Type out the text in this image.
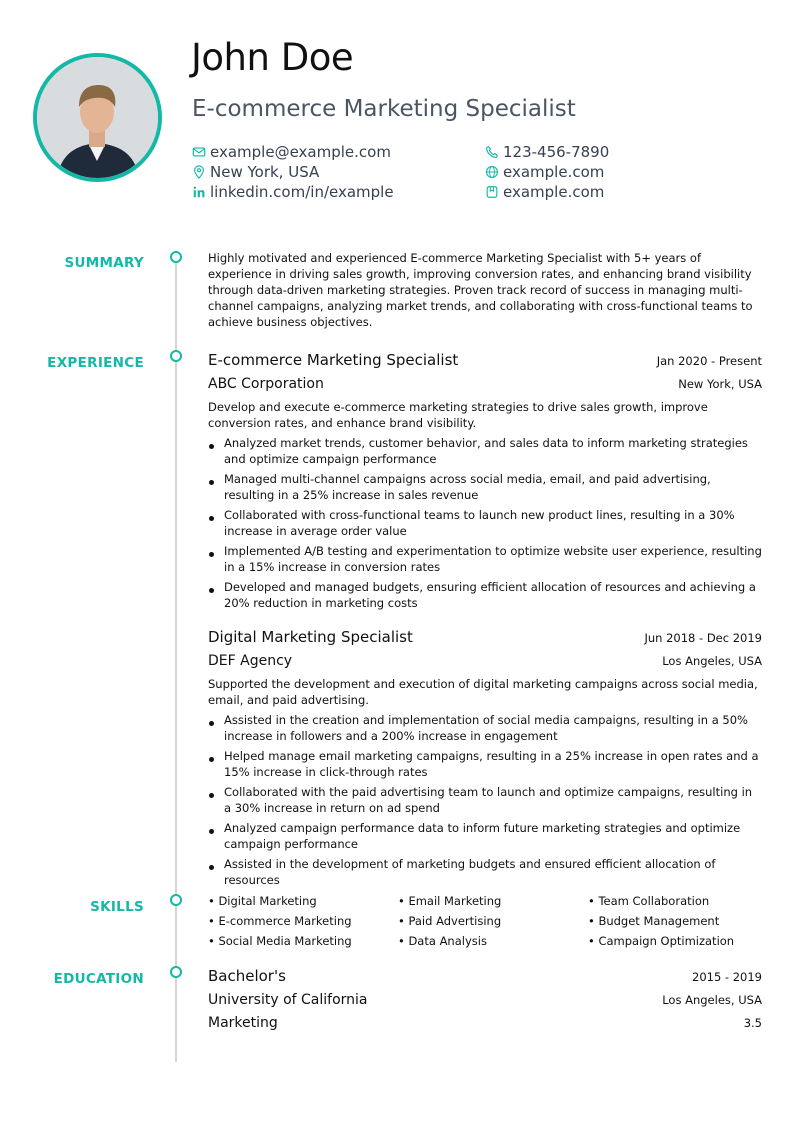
John Doe
E-commerce Marketing Specialist
example@example.com	123-456-7890
New York, USA	example.com
linkedin.com/in/example	example.com
SUMMARY	Highly motivated and experienced E-commerce Marketing Specialist with 5+ years of experience in driving sales growth, improving conversion rates, and enhancing brand visibility through data-driven marketing strategies. Proven track record of success in managing multi-channel campaigns, analyzing market trends, and collaborating with cross-functional teams to achieve business objectives.
EXPERIENCE	E-commerce Marketing Specialist	Jan 2020 - Present
ABC Corporation	New York, USA
Develop and execute e-commerce marketing strategies to drive sales growth, improve conversion rates, and enhance brand visibility.
Analyzed market trends, customer behavior, and sales data to inform marketing strategies and optimize campaign performance
Managed multi-channel campaigns across social media, email, and paid advertising, resulting in a 25% increase in sales revenue
Collaborated with cross-functional teams to launch new product lines, resulting in a 30% increase in average order value
Implemented A/B testing and experimentation to optimize website user experience, resulting in a 15% increase in conversion rates
Developed and managed budgets, ensuring efficient allocation of resources and achieving a 20% reduction in marketing costs
Digital Marketing Specialist	Jun 2018 - Dec 2019
DEF Agency	Los Angeles, USA
Supported the development and execution of digital marketing campaigns across social media, email, and paid advertising.
Assisted in the creation and implementation of social media campaigns, resulting in a 50% increase in followers and a 200% increase in engagement
Helped manage email marketing campaigns, resulting in a 25% increase in open rates and a 15% increase in click-through rates
Collaborated with the paid advertising team to launch and optimize campaigns, resulting in a 30% increase in return on ad spend
Analyzed campaign performance data to inform future marketing strategies and optimize campaign performance
Assisted in the development of marketing budgets and ensured efficient allocation of resources
SKILLS	• Digital Marketing	• Email Marketing	• Team Collaboration
• E-commerce Marketing	• Paid Advertising	• Budget Management
• Social Media Marketing	• Data Analysis	• Campaign Optimization
EDUCATION	Bachelor's	2015 - 2019
University of California	Los Angeles, USA
Marketing	3.5
